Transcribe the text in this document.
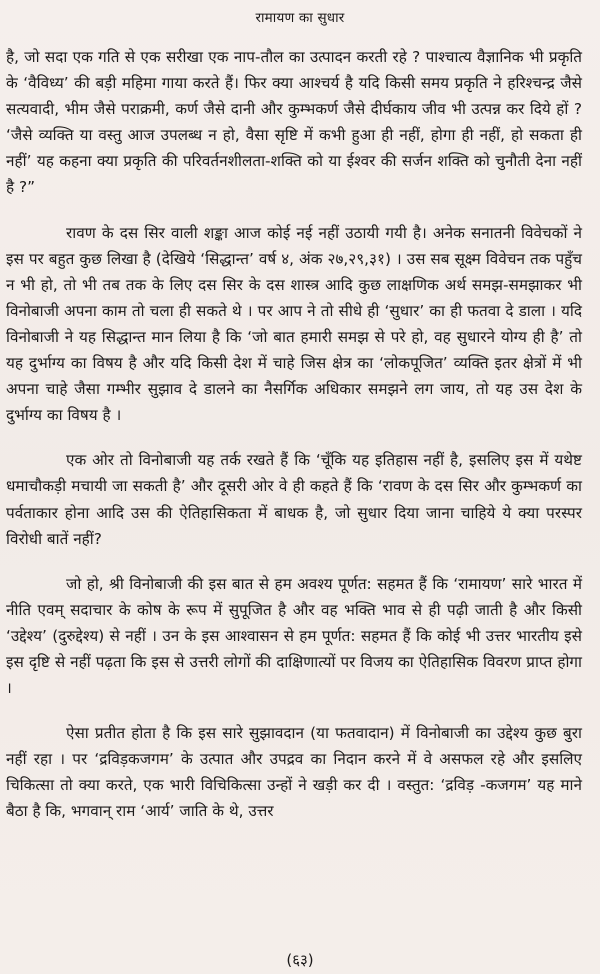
रामायण का सुधार

है, जो सदा एक गति से एक सरीखा एक नाप-तौल का उत्पादन करती रहे ? पाश्चात्य वैज्ञानिक भी प्रकृति के ‘वैविध्य’ की बड़ी महिमा गाया करते हैं। फिर क्या आश्चर्य है यदि किसी समय प्रकृति ने हरिश्चन्द्र जैसे सत्यवादी, भीम जैसे पराक्रमी, कर्ण जैसे दानी और कुम्भकर्ण जैसे दीर्घकाय जीव भी उत्पन्न कर दिये हों ? ‘जैसे व्यक्ति या वस्तु आज उपलब्ध न हो, वैसा सृष्टि में कभी हुआ ही नहीं, होगा ही नहीं, हो सकता ही नहीं’ यह कहना क्या प्रकृति की परिवर्तनशीलता-शक्ति को या ईश्वर की सर्जन शक्ति को चुनौती देना नहीं है ?”

रावण के दस सिर वाली शङ्का आज कोई नई नहीं उठायी गयी है। अनेक सनातनी विवेचकों ने इस पर बहुत कुछ लिखा है (देखिये ‘सिद्धान्त’ वर्ष ४, अंक २७,२९,३१) । उस सब सूक्ष्म विवेचन तक पहुँच न भी हो, तो भी तब तक के लिए दस सिर के दस शास्त्र आदि कुछ लाक्षणिक अर्थ समझ-समझाकर भी विनोबाजी अपना काम तो चला ही सकते थे । पर आप ने तो सीधे ही ‘सुधार’ का ही फतवा दे डाला । यदि विनोबाजी ने यह सिद्धान्त मान लिया है कि ‘जो बात हमारी समझ से परे हो, वह सुधारने योग्य ही है’ तो यह दुर्भाग्य का विषय है और यदि किसी देश में चाहे जिस क्षेत्र का ‘लोकपूजित’ व्यक्ति इतर क्षेत्रों में भी अपना चाहे जैसा गम्भीर सुझाव दे डालने का नैसर्गिक अधिकार समझने लग जाय, तो यह उस देश के दुर्भाग्य का विषय है ।

एक ओर तो विनोबाजी यह तर्क रखते हैं कि ‘चूँकि यह इतिहास नहीं है, इसलिए इस में यथेष्ट धमाचौकड़ी मचायी जा सकती है’ और दूसरी ओर वे ही कहते हैं कि ‘रावण के दस सिर और कुम्भकर्ण का पर्वताकार होना आदि उस की ऐतिहासिकता में बाधक है, जो सुधार दिया जाना चाहिये ये क्या परस्पर विरोधी बातें नहीं?

जो हो, श्री विनोबाजी की इस बात से हम अवश्य पूर्णत: सहमत हैं कि ‘रामायण’ सारे भारत में नीति एवम् सदाचार के कोष के रूप में सुपूजित है और वह भक्ति भाव से ही पढ़ी जाती है और किसी ‘उद्देश्य’ (दुरुद्देश्य) से नहीं । उन के इस आश्वासन से हम पूर्णत: सहमत हैं कि कोई भी उत्तर भारतीय इसे इस दृष्टि से नहीं पढ़ता कि इस से उत्तरी लोगों की दाक्षिणात्यों पर विजय का ऐतिहासिक विवरण प्राप्त होगा ।

ऐसा प्रतीत होता है कि इस सारे सुझावदान (या फतवादान) में विनोबाजी का उद्देश्य कुछ बुरा नहीं रहा । पर ‘द्रविड़कजगम’ के उत्पात और उपद्रव का निदान करने में वे असफल रहे और इसलिए चिकित्सा तो क्या करते, एक भारी विचिकित्सा उन्हों ने खड़ी कर दी । वस्तुत: ‘द्रविड़ -कजगम’ यह माने बैठा है कि, भगवान् राम ‘आर्य’ जाति के थे, उत्तर

(६३)
